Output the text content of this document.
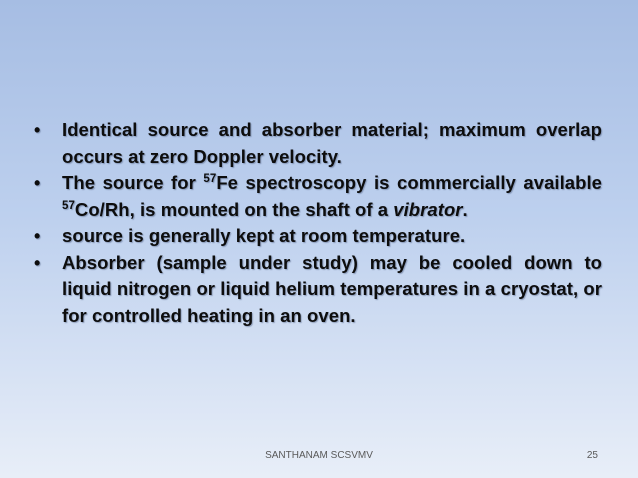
• Identical source and absorber material; maximum overlap occurs at zero Doppler velocity.
• The source for $^{57}$Fe spectroscopy is commercially available $^{57}$Co/Rh, is mounted on the shaft of a vibrator.
• source is generally kept at room temperature.
• Absorber (sample under study) may be cooled down to liquid nitrogen or liquid helium temperatures in a cryostat, or for controlled heating in an oven.
SANTHANAM SCSVMV	25
